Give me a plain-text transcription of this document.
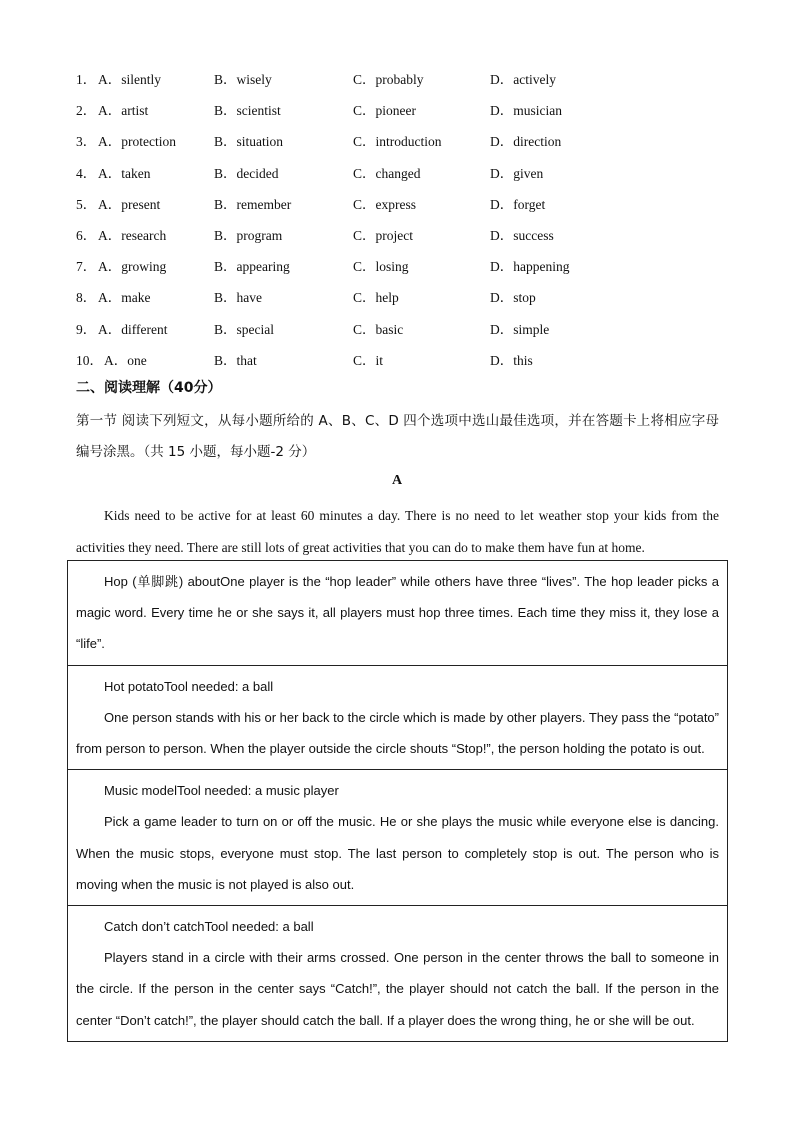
1． A．silently	B．wisely	C．probably	D．actively
2． A．artist	B．scientist	C．pioneer	D．musician
3． A．protection	B．situation	C．introduction	D．direction
4． A．taken	B．decided	C．changed	D．given
5． A．present	B．remember	C．express	D．forget
6． A．research	B．program	C．project	D．success
7． A．growing	B．appearing	C．losing	D．happening
8． A．make	B．have	C．help	D．stop
9． A．different	B．special	C．basic	D．simple
10． A．one	B．that	C．it	D．this
二、阅读理解（40分）
第一节 阅读下列短文，从每小题所给的 A、B、C、D 四个选项中选山最佳选项，并在答题卡上将相应字母编号涂黑。（共 15 小题，每小题-2 分）
A
Kids need to be active for at least 60 minutes a day. There is no need to let weather stop your kids from the activities they need. There are still lots of great activities that you can do to make them have fun at home.

Hop (单脚跳) aboutOne player is the “hop leader” while others have three “lives”. The hop leader picks a magic word. Every time he or she says it, all players must hop three times. Each time they miss it, they lose a “life”.

Hot potatoTool needed: a ball

One person stands with his or her back to the circle which is made by other players. They pass the “potato” from person to person. When the player outside the circle shouts “Stop!”, the person holding the potato is out.

Music modelTool needed: a music player

Pick a game leader to turn on or off the music. He or she plays the music while everyone else is dancing. When the music stops, everyone must stop. The last person to completely stop is out. The person who is moving when the music is not played is also out.

Catch don’t catchTool needed: a ball

Players stand in a circle with their arms crossed. One person in the center throws the ball to someone in the circle. If the person in the center says “Catch!”, the player should not catch the ball. If the person in the center “Don’t catch!”, the player should catch the ball. If a player does the wrong thing, he or she will be out.
